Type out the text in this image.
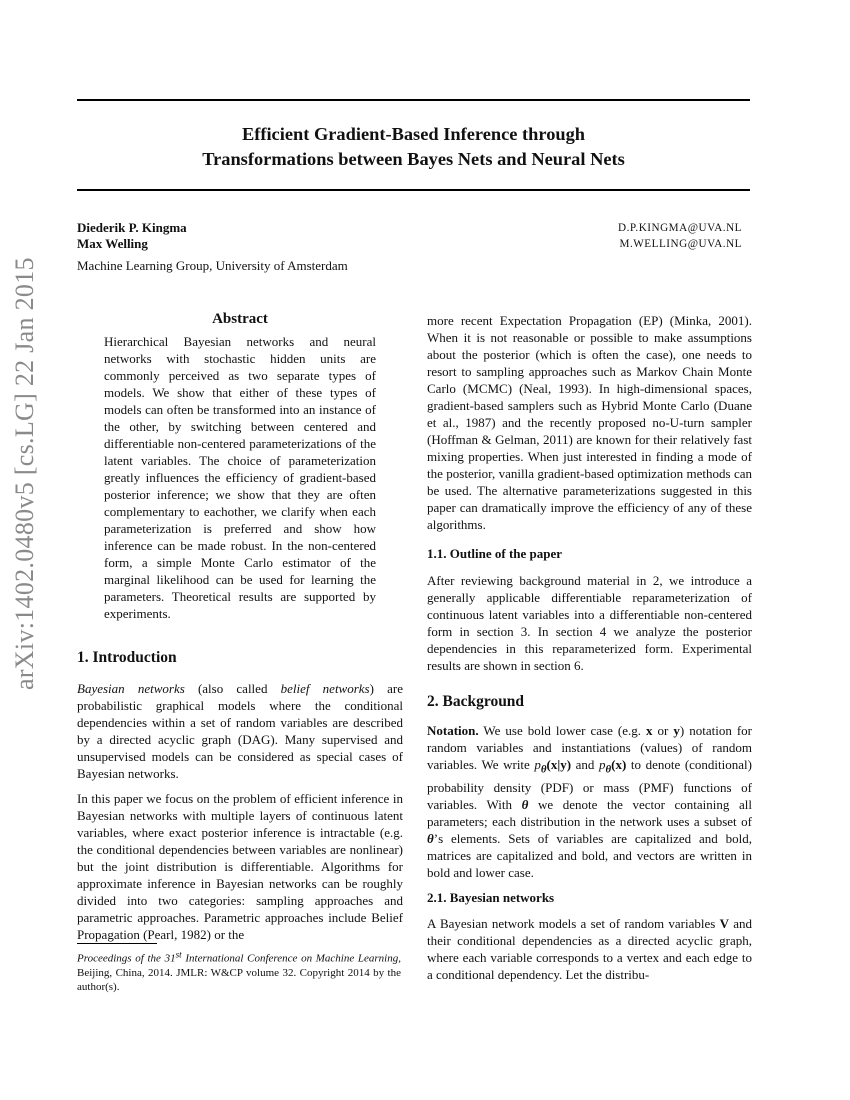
arXiv:1402.0480v5 [cs.LG] 22 Jan 2015
Efficient Gradient-Based Inference through
Transformations between Bayes Nets and Neural Nets
Diederik P. Kingma
Max Welling
D.P.KINGMA@UVA.NL
M.WELLING@UVA.NL
Machine Learning Group, University of Amsterdam
Abstract

Hierarchical Bayesian networks and neural networks with stochastic hidden units are commonly perceived as two separate types of models. We show that either of these types of models can often be transformed into an instance of the other, by switching between centered and differentiable non-centered parameterizations of the latent variables. The choice of parameterization greatly influences the efficiency of gradient-based posterior inference; we show that they are often complementary to eachother, we clarify when each parameterization is preferred and show how inference can be made robust. In the non-centered form, a simple Monte Carlo estimator of the marginal likelihood can be used for learning the parameters. Theoretical results are supported by experiments.

1. Introduction

Bayesian networks (also called belief networks) are probabilistic graphical models where the conditional dependencies within a set of random variables are described by a directed acyclic graph (DAG). Many supervised and unsupervised models can be considered as special cases of Bayesian networks.

In this paper we focus on the problem of efficient inference in Bayesian networks with multiple layers of continuous latent variables, where exact posterior inference is intractable (e.g. the conditional dependencies between variables are nonlinear) but the joint distribution is differentiable. Algorithms for approximate inference in Bayesian networks can be roughly divided into two categories: sampling approaches and parametric approaches. Parametric approaches include Belief Propagation (Pearl, 1982) or the

Proceedings of the 31st International Conference on Machine Learning, Beijing, China, 2014. JMLR: W&CP volume 32. Copyright 2014 by the author(s).

more recent Expectation Propagation (EP) (Minka, 2001). When it is not reasonable or possible to make assumptions about the posterior (which is often the case), one needs to resort to sampling approaches such as Markov Chain Monte Carlo (MCMC) (Neal, 1993). In high-dimensional spaces, gradient-based samplers such as Hybrid Monte Carlo (Duane et al., 1987) and the recently proposed no-U-turn sampler (Hoffman & Gelman, 2011) are known for their relatively fast mixing properties. When just interested in finding a mode of the posterior, vanilla gradient-based optimization methods can be used. The alternative parameterizations suggested in this paper can dramatically improve the efficiency of any of these algorithms.

1.1. Outline of the paper

After reviewing background material in 2, we introduce a generally applicable differentiable reparameterization of continuous latent variables into a differentiable non-centered form in section 3. In section 4 we analyze the posterior dependencies in this reparameterized form. Experimental results are shown in section 6.

2. Background

Notation. We use bold lower case (e.g. x or y) notation for random variables and instantiations (values) of random variables. We write $p_\theta(x|y)$ and $p_\theta(x)$ to denote (conditional) probability density (PDF) or mass (PMF) functions of variables. With θ we denote the vector containing all parameters; each distribution in the network uses a subset of θ’s elements. Sets of variables are capitalized and bold, matrices are capitalized and bold, and vectors are written in bold and lower case.

2.1. Bayesian networks

A Bayesian network models a set of random variables V and their conditional dependencies as a directed acyclic graph, where each variable corresponds to a vertex and each edge to a conditional dependency. Let the distribu-
